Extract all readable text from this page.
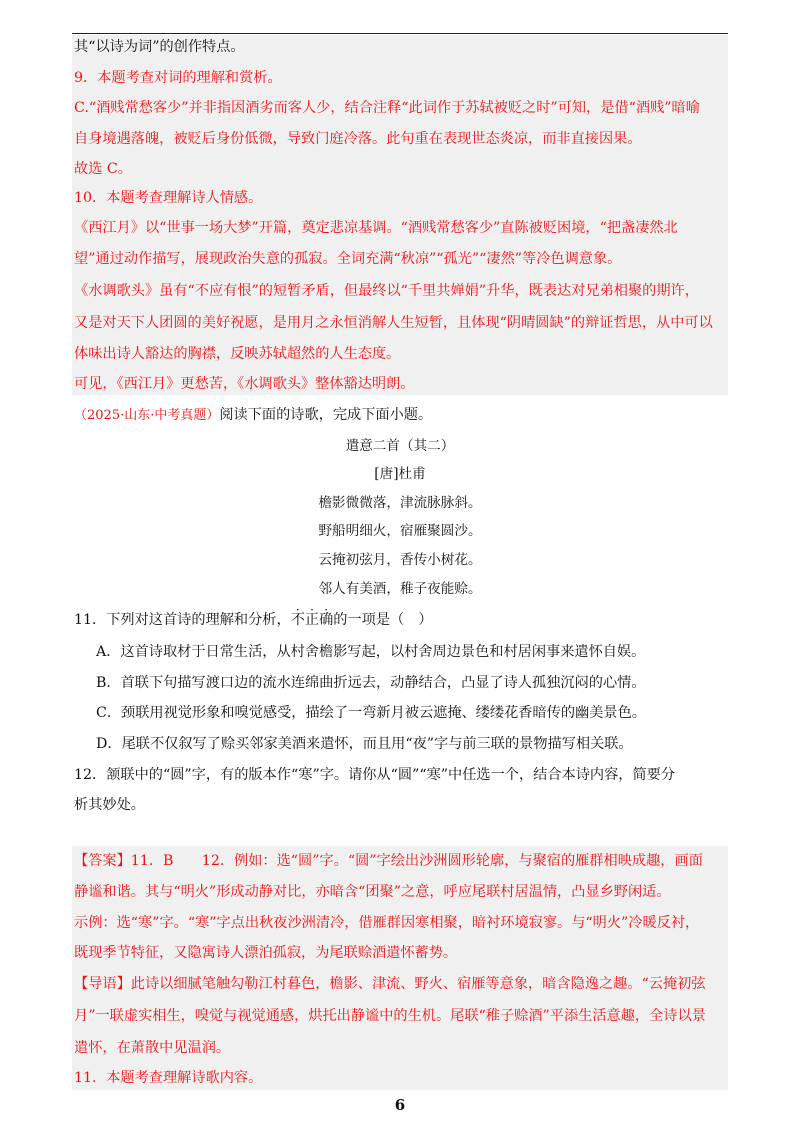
其“以诗为词”的创作特点。
9．本题考查对词的理解和赏析。
C.“酒贱常愁客少”并非指因酒劣而客人少，结合注释“此词作于苏轼被贬之时”可知，是借“酒贱”暗喻
自身境遇落魄，被贬后身份低微，导致门庭冷落。此句重在表现世态炎凉，而非直接因果。
故选 C。
10．本题考查理解诗人情感。
《西江月》以“世事一场大梦”开篇，奠定悲凉基调。“酒贱常愁客少”直陈被贬困境，“把盏凄然北
望”通过动作描写，展现政治失意的孤寂。全词充满“秋凉”“孤光”“凄然”等冷色调意象。
《水调歌头》虽有“不应有恨”的短暂矛盾，但最终以“千里共婵娟”升华，既表达对兄弟相聚的期许，
又是对天下人团圆的美好祝愿，是用月之永恒消解人生短暂，且体现“阴晴圆缺”的辩证哲思，从中可以
体味出诗人豁达的胸襟，反映苏轼超然的人生态度。
可见，《西江月》更愁苦，《水调歌头》整体豁达明朗。
（2025·山东·中考真题）阅读下面的诗歌，完成下面小题。
遣意二首（其二）
[唐]杜甫
檐影微微落，津流脉脉斜。
野船明细火，宿雁聚圆沙。
云掩初弦月，香传小树花。
邻人有美酒，稚子夜能赊。
11．下列对这首诗的理解和分析，不正确的一项是（　）
A．这首诗取材于日常生活，从村舍檐影写起，以村舍周边景色和村居闲事来遣怀自娱。
B．首联下句描写渡口边的流水连绵曲折远去，动静结合，凸显了诗人孤独沉闷的心情。
C．颈联用视觉形象和嗅觉感受，描绘了一弯新月被云遮掩、缕缕花香暗传的幽美景色。
D．尾联不仅叙写了赊买邻家美酒来遣怀，而且用“夜”字与前三联的景物描写相关联。
12．颔联中的“圆”字，有的版本作“寒”字。请你从“圆”“寒”中任选一个，结合本诗内容，简要分
析其妙处。
【答案】11．B　　12．例如：选“圆”字。“圆”字绘出沙洲圆形轮廓，与聚宿的雁群相映成趣，画面
静谧和谐。其与“明火”形成动静对比，亦暗含“团聚”之意，呼应尾联村居温情，凸显乡野闲适。
示例：选“寒”字。“寒”字点出秋夜沙洲清冷，借雁群因寒相聚，暗衬环境寂寥。与“明火”冷暖反衬，
既现季节特征，又隐寓诗人漂泊孤寂，为尾联赊酒遣怀蓄势。
【导语】此诗以细腻笔触勾勒江村暮色，檐影、津流、野火、宿雁等意象，暗含隐逸之趣。“云掩初弦
月”一联虚实相生，嗅觉与视觉通感，烘托出静谧中的生机。尾联“稚子赊酒”平添生活意趣，全诗以景
遣怀，在萧散中见温润。
11．本题考查理解诗歌内容。
6
